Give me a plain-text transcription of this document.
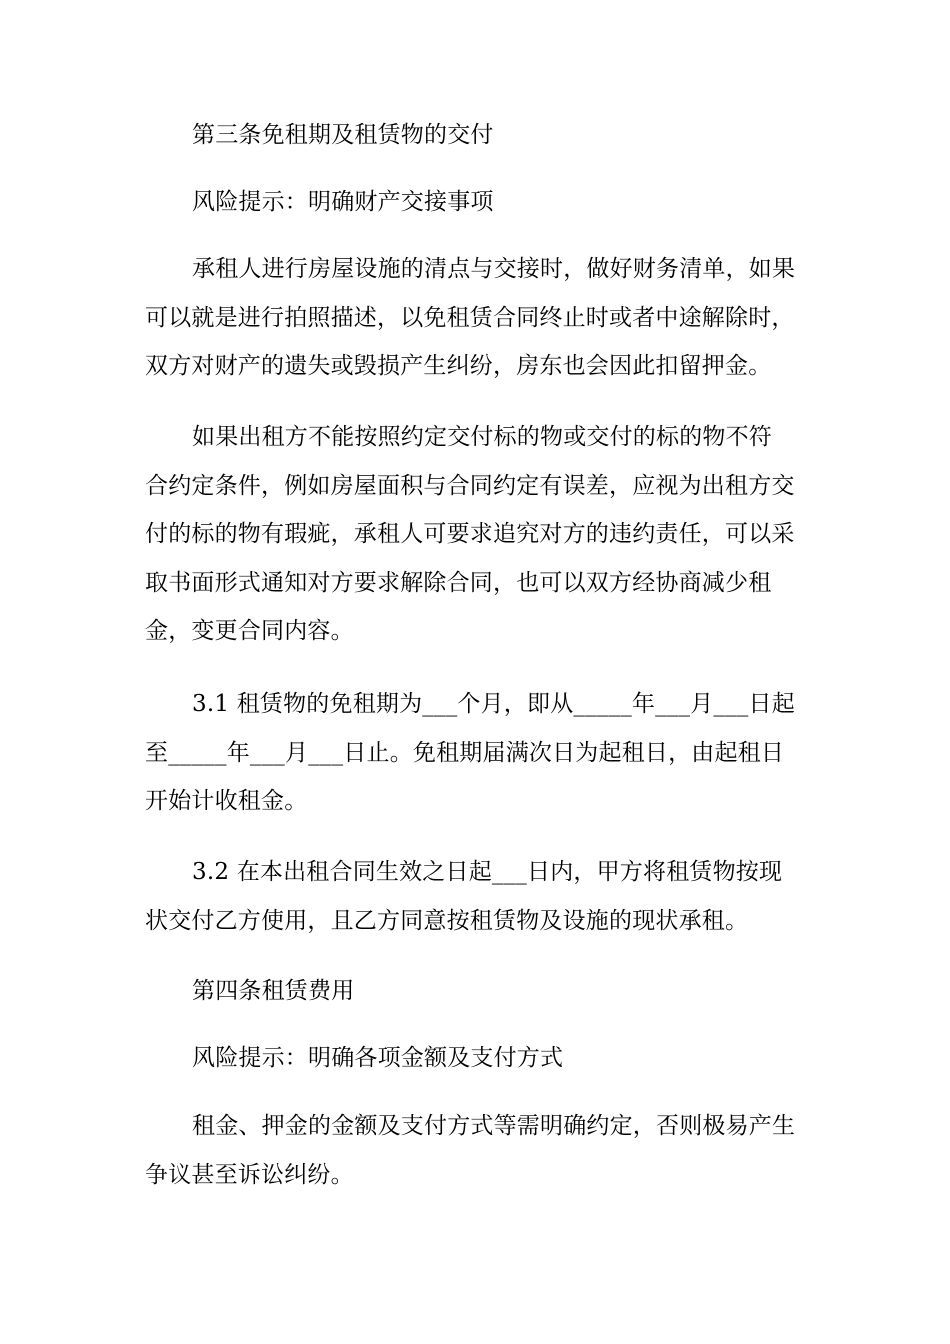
第三条免租期及租赁物的交付

风险提示：明确财产交接事项

承租人进行房屋设施的清点与交接时，做好财务清单，如果
可以就是进行拍照描述，以免租赁合同终止时或者中途解除时，
双方对财产的遗失或毁损产生纠纷，房东也会因此扣留押金。

如果出租方不能按照约定交付标的物或交付的标的物不符
合约定条件，例如房屋面积与合同约定有误差，应视为出租方交
付的标的物有瑕疵，承租人可要求追究对方的违约责任，可以采
取书面形式通知对方要求解除合同，也可以双方经协商减少租
金，变更合同内容。

3.1 租赁物的免租期为___个月，即从_____年___月___日起
至_____年___月___日止。免租期届满次日为起租日，由起租日
开始计收租金。

3.2 在本出租合同生效之日起___日内，甲方将租赁物按现
状交付乙方使用，且乙方同意按租赁物及设施的现状承租。

第四条租赁费用

风险提示：明确各项金额及支付方式

租金、押金的金额及支付方式等需明确约定，否则极易产生
争议甚至诉讼纠纷。
